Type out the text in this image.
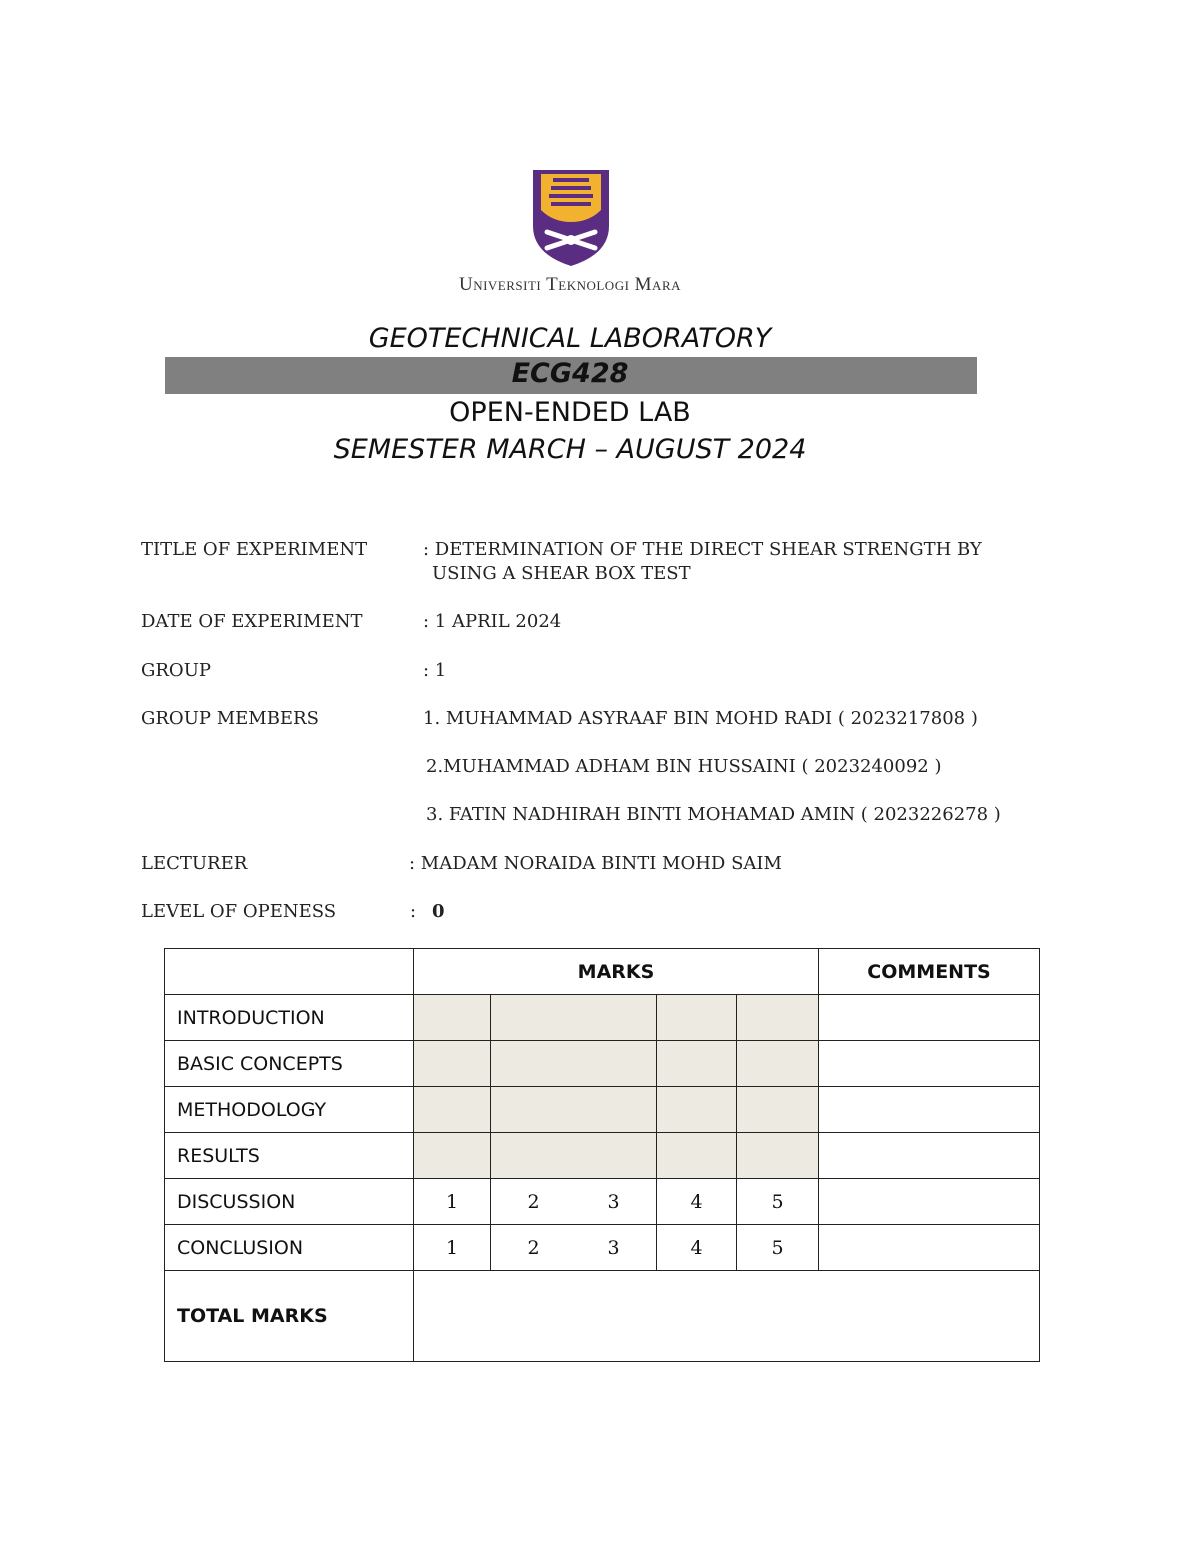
Universiti Teknologi Mara
GEOTECHNICAL LABORATORY
ECG428
OPEN-ENDED LAB
SEMESTER MARCH – AUGUST 2024
TITLE OF EXPERIMENT	: DETERMINATION OF THE DIRECT SHEAR STRENGTH BY
USING A SHEAR BOX TEST
DATE OF EXPERIMENT	: 1 APRIL 2024
GROUP	: 1
GROUP MEMBERS	1. MUHAMMAD ASYRAAF BIN MOHD RADI ( 2023217808 )
2.MUHAMMAD ADHAM BIN HUSSAINI ( 2023240092 )
3. FATIN NADHIRAH BINTI MOHAMAD AMIN ( 2023226278 )
LECTURER	: MADAM NORAIDA BINTI MOHD SAIM
LEVEL OF OPENESS	: 0
	MARKS				COMMENTS
INTRODUCTION					
BASIC CONCEPTS					
METHODOLOGY					
RESULTS					
DISCUSSION	1	2 3	4	5	
CONCLUSION	1	2 3	4	5	
TOTAL MARKS					
